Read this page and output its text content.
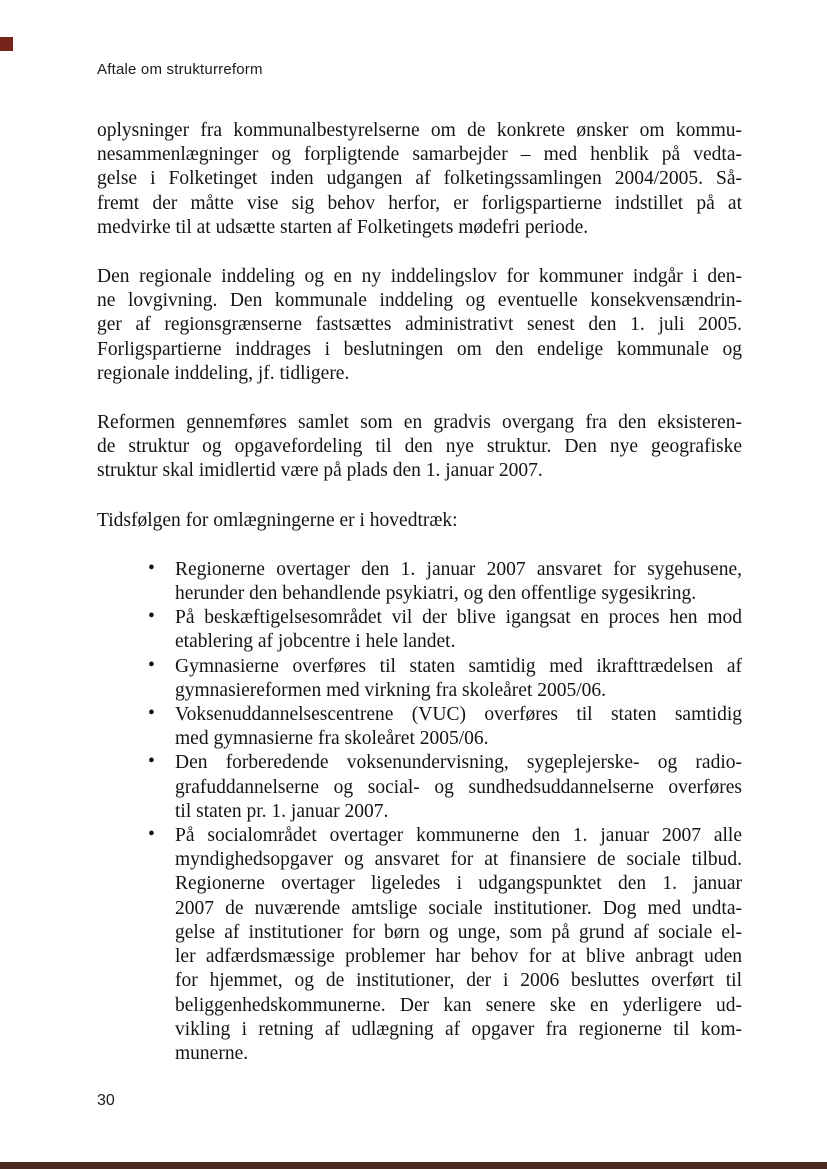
Aftale om strukturreform
oplysninger fra kommunalbestyrelserne om de konkrete ønsker om kommu-
nesammenlægninger og forpligtende samarbejder – med henblik på vedta-
gelse i Folketinget inden udgangen af folketingssamlingen 2004/2005. Så-
fremt der måtte vise sig behov herfor, er forligspartierne indstillet på at
medvirke til at udsætte starten af Folketingets mødefri periode.
Den regionale inddeling og en ny inddelingslov for kommuner indgår i den-
ne lovgivning. Den kommunale inddeling og eventuelle konsekvensændrin-
ger af regionsgrænserne fastsættes administrativt senest den 1. juli 2005.
Forligspartierne inddrages i beslutningen om den endelige kommunale og
regionale inddeling, jf. tidligere.
Reformen gennemføres samlet som en gradvis overgang fra den eksisteren-
de struktur og opgavefordeling til den nye struktur. Den nye geografiske
struktur skal imidlertid være på plads den 1. januar 2007.
Tidsfølgen for omlægningerne er i hovedtræk:
• Regionerne overtager den 1. januar 2007 ansvaret for sygehusene,
herunder den behandlende psykiatri, og den offentlige sygesikring.
• På beskæftigelsesområdet vil der blive igangsat en proces hen mod
etablering af jobcentre i hele landet.
• Gymnasierne overføres til staten samtidig med ikrafttrædelsen af
gymnasiereformen med virkning fra skoleåret 2005/06.
• Voksenuddannelsescentrene (VUC) overføres til staten samtidig
med gymnasierne fra skoleåret 2005/06.
• Den forberedende voksenundervisning, sygeplejerske- og radio-
grafuddannelserne og social- og sundhedsuddannelserne overføres
til staten pr. 1. januar 2007.
• På socialområdet overtager kommunerne den 1. januar 2007 alle
myndighedsopgaver og ansvaret for at finansiere de sociale tilbud.
Regionerne overtager ligeledes i udgangspunktet den 1. januar
2007 de nuværende amtslige sociale institutioner. Dog med undta-
gelse af institutioner for børn og unge, som på grund af sociale el-
ler adfærdsmæssige problemer har behov for at blive anbragt uden
for hjemmet, og de institutioner, der i 2006 besluttes overført til
beliggenhedskommunerne. Der kan senere ske en yderligere ud-
vikling i retning af udlægning af opgaver fra regionerne til kom-
munerne.
30
